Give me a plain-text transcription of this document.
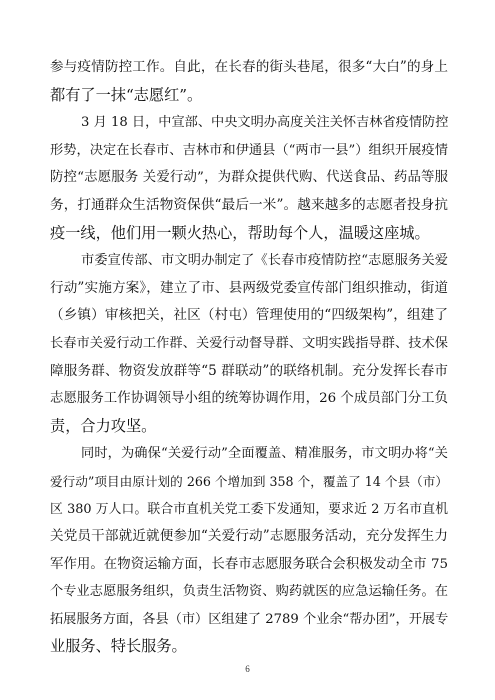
参与疫情防控工作。自此，在长春的街头巷尾，很多“大白”的身上
都有了一抹“志愿红”。
3 月 18 日，中宣部、中央文明办高度关注关怀吉林省疫情防控
形势，决定在长春市、吉林市和伊通县（“两市一县”）组织开展疫情
防控“志愿服务 关爱行动”，为群众提供代购、代送食品、药品等服
务，打通群众生活物资保供“最后一米”。越来越多的志愿者投身抗
疫一线，他们用一颗火热心，帮助每个人，温暖这座城。
市委宣传部、市文明办制定了《长春市疫情防控“志愿服务关爱
行动”实施方案》，建立了市、县两级党委宣传部门组织推动，街道
（乡镇）审核把关，社区（村屯）管理使用的“四级架构”，组建了
长春市关爱行动工作群、关爱行动督导群、文明实践指导群、技术保
障服务群、物资发放群等“5 群联动”的联络机制。充分发挥长春市
志愿服务工作协调领导小组的统筹协调作用，26 个成员部门分工负
责，合力攻坚。
同时，为确保“关爱行动”全面覆盖、精准服务，市文明办将“关
爱行动”项目由原计划的 266 个增加到 358 个，覆盖了 14 个县（市）
区 380 万人口。联合市直机关党工委下发通知，要求近 2 万名市直机
关党员干部就近就便参加“关爱行动”志愿服务活动，充分发挥生力
军作用。在物资运输方面，长春市志愿服务联合会积极发动全市 75
个专业志愿服务组织，负责生活物资、购药就医的应急运输任务。在
拓展服务方面，各县（市）区组建了 2789 个业余“帮办团”，开展专
业服务、特长服务。
6
